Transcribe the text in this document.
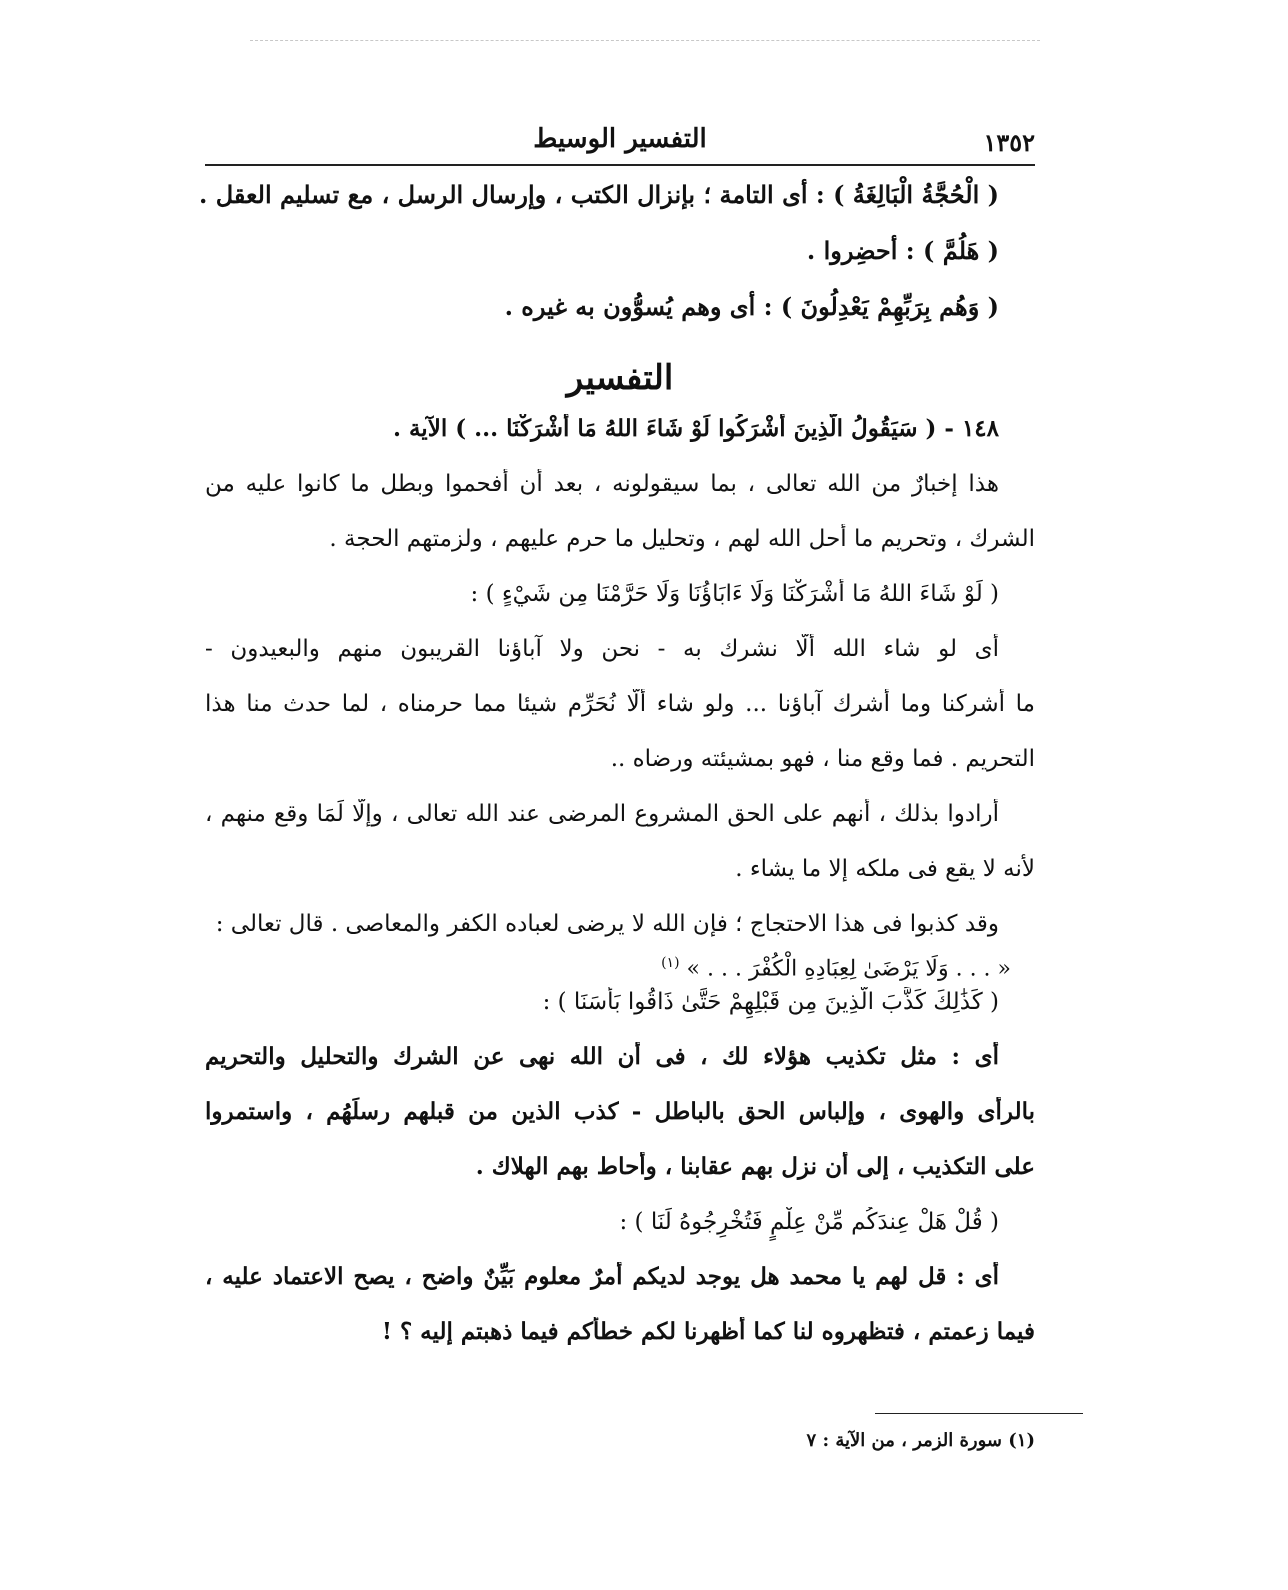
١٣٥٢
التفسير الوسيط
( الْحُجَّةُ الْبَالِغَةُ ) : أى التامة ؛ بإنزال الكتب ، وإرسال الرسل ، مع تسليم العقل .
( هَلُمَّ ) : أحضِروا .
( وَهُم بِرَبِّهِمْ يَعْدِلُونَ ) : أى وهم يُسوُّون به غيره .
التفسير
١٤٨ - ( سَيَقُولُ الَّذِينَ أَشْرَكُوا لَوْ شَاءَ اللهُ مَا أَشْرَكْنَا ... ) الآية .
هذا إخبارٌ من الله تعالى ، بما سيقولونه ، بعد أن أُفحموا وبطل ما كانوا عليه من
الشرك ، وتحريم ما أحل الله لهم ، وتحليل ما حرم عليهم ، ولزمتهم الحجة .
( لَوْ شَاءَ اللهُ مَا أَشْرَكْنَا وَلَا ءَابَاؤُنَا وَلَا حَرَّمْنَا مِن شَيْءٍ ) :
أى لو شاء الله ألّا نشرك به - نحن ولا آباؤنا القريبون منهم والبعيدون -
ما أشركنا وما أشرك آباؤنا ... ولو شاء ألّا نُحَرِّم شيئا مما حرمناه ، لما حدث منا هذا
التحريم . فما وقع منا ، فهو بمشيئته ورضاه ..
أرادوا بذلك ، أنهم على الحق المشروع المرضى عند الله تعالى ، وإلّا لَمَا وقع منهم ،
لأنه لا يقع فى ملكه إلا ما يشاء .
وقد كذبوا فى هذا الاحتجاج ؛ فإن الله لا يرضى لعباده الكفر والمعاصى . قال تعالى :
« . . . وَلَا يَرْضَىٰ لِعِبَادِهِ الْكُفْرَ . . . » $^{(١)}$
( كَذَٰلِكَ كَذَّبَ الَّذِينَ مِن قَبْلِهِمْ حَتَّىٰ ذَاقُوا بَأْسَنَا ) :
أى : مثل تكذيب هؤلاء لك ، فى أن الله نهى عن الشرك والتحليل والتحريم
بالرأى والهوى ، وإلباس الحق بالباطل - كذب الذين من قبلهم رسلَهُم ، واستمروا
على التكذيب ، إلى أن نزل بهم عقابنا ، وأحاط بهم الهلاك .
( قُلْ هَلْ عِندَكُم مِّنْ عِلْمٍ فَتُخْرِجُوهُ لَنَا ) :
أى : قل لهم يا محمد هل يوجد لديكم أمرٌ معلوم بَيِّنٌ واضح ، يصح الاعتماد عليه ،
فيما زعمتم ، فتظهروه لنا كما أظهرنا لكم خطأكم فيما ذهبتم إليه ؟ !
(١) سورة الزمر ، من الآية : ٧
